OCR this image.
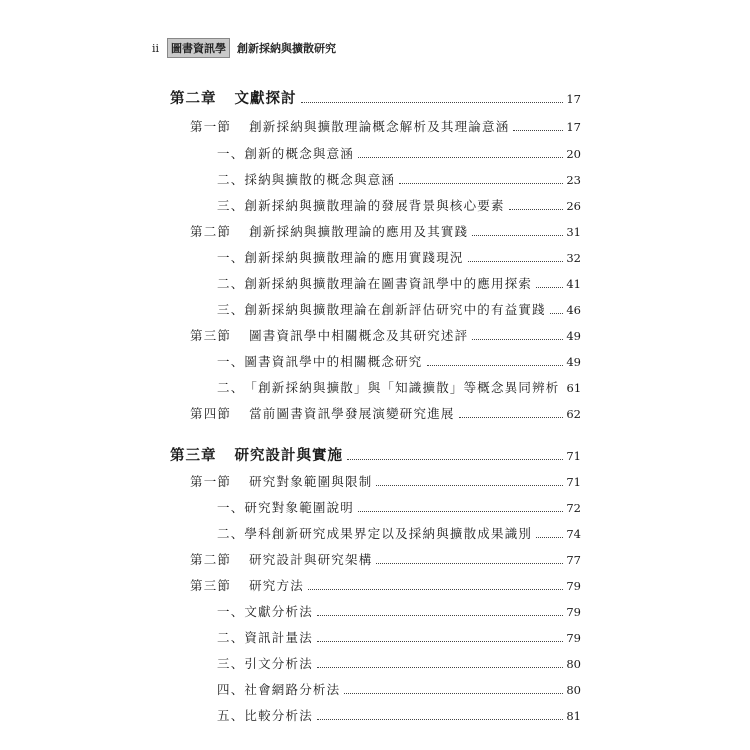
ii	圖書資訊學	創新採納與擴散研究
第二章 文獻探討	17
第一節 創新採納與擴散理論概念解析及其理論意涵	17
一、 創新的概念與意涵	20
二、 採納與擴散的概念與意涵	23
三、 創新採納與擴散理論的發展背景與核心要素	26
第二節 創新採納與擴散理論的應用及其實踐	31
一、 創新採納與擴散理論的應用實踐現況	32
二、 創新採納與擴散理論在圖書資訊學中的應用探索	41
三、 創新採納與擴散理論在創新評估研究中的有益實踐 46
第三節 圖書資訊學中相關概念及其研究述評	49
一、 圖書資訊學中的相關概念研究	49
二、 「創新採納與擴散」與「知識擴散」等概念異同辨析 61
第四節 當前圖書資訊學發展演變研究進展	62
第三章 研究設計與實施	71
第一節 研究對象範圍與限制	71
一、 研究對象範圍說明	72
二、 學科創新研究成果界定以及採納與擴散成果識別	74
第二節 研究設計與研究架構	77
第三節 研究方法	79
一、 文獻分析法	79
二、 資訊計量法	79
三、 引文分析法	80
四、 社會網路分析法	80
五、 比較分析法	81
